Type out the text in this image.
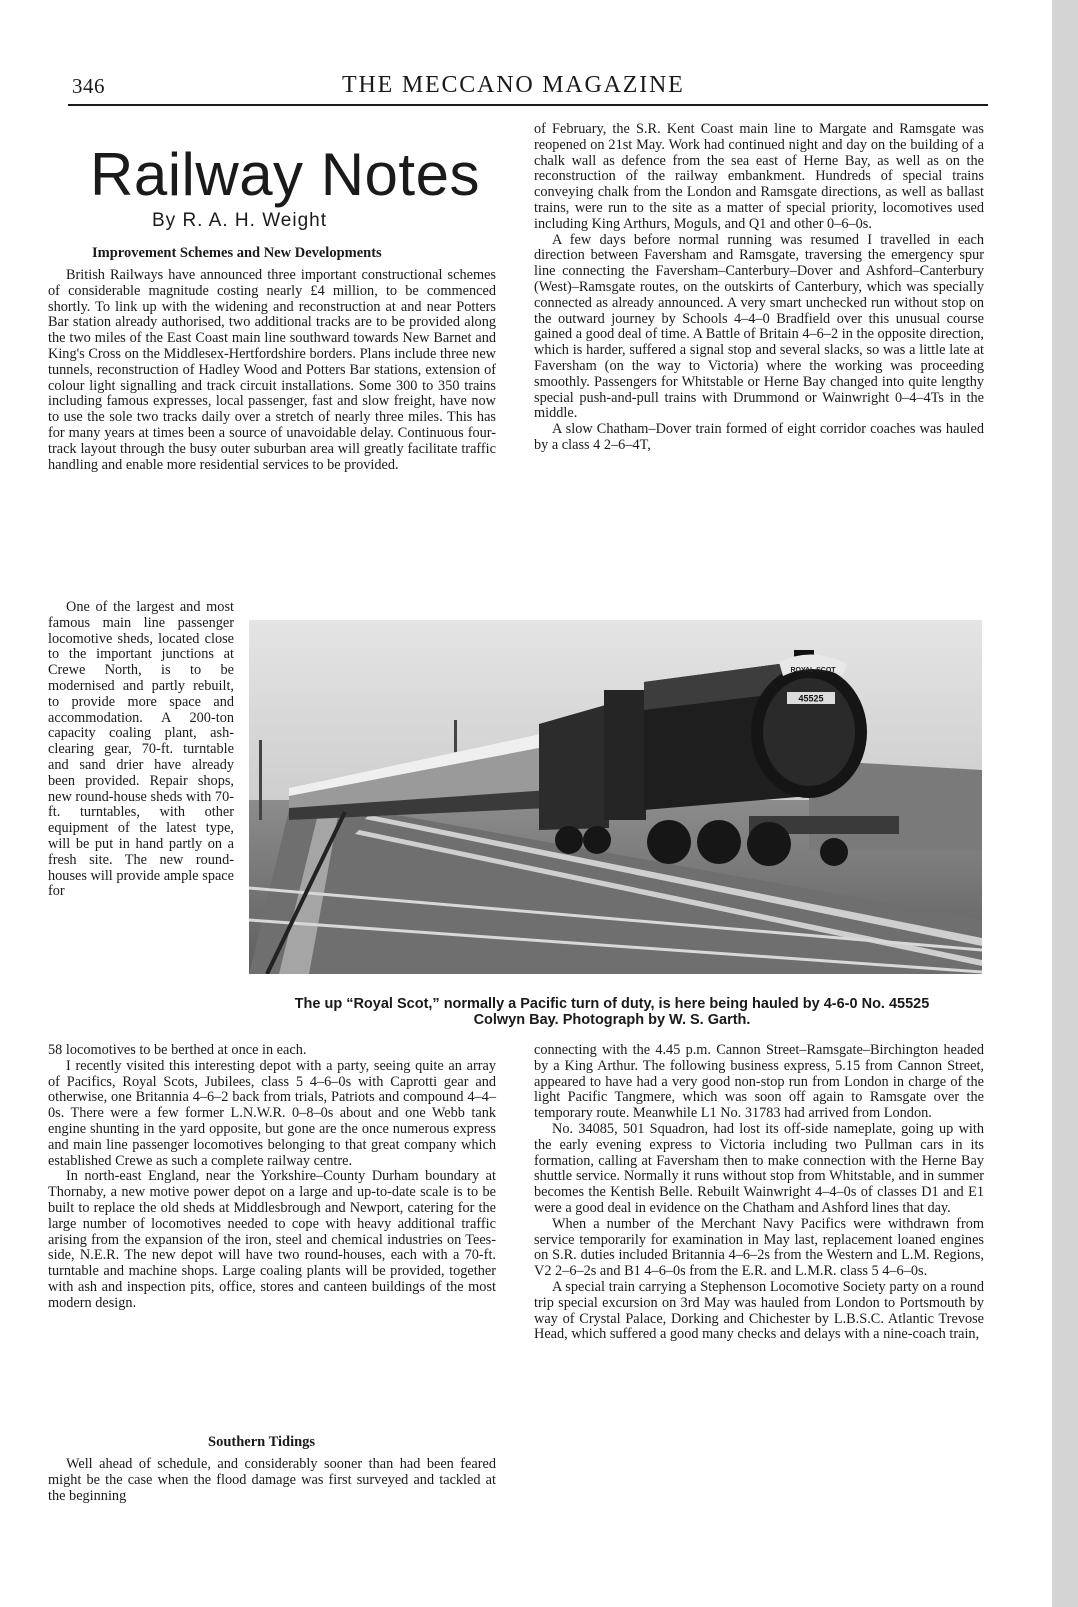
346	THE MECCANO MAGAZINE
Railway Notes
By R. A. H. Weight
Improvement Schemes and New Developments

British Railways have announced three important constructional schemes of considerable magnitude costing nearly £4 million, to be commenced shortly. To link up with the widening and reconstruction at and near Potters Bar station already authorised, two additional tracks are to be provided along the two miles of the East Coast main line southward towards New Barnet and King's Cross on the Middlesex-Hertfordshire borders. Plans include three new tunnels, reconstruction of Hadley Wood and Potters Bar stations, extension of colour light signalling and track circuit installations. Some 300 to 350 trains including famous expresses, local passenger, fast and slow freight, have now to use the sole two tracks daily over a stretch of nearly three miles. This has for many years at times been a source of unavoidable delay. Continuous four-track layout through the busy outer suburban area will greatly facilitate traffic handling and enable more residential services to be provided.

One of the largest and most famous main line passenger locomotive sheds, located close to the important junctions at Crewe North, is to be modernised and partly rebuilt, to provide more space and accommodation. A 200-ton capacity coaling plant, ash-clearing gear, 70-ft. turntable and sand drier have already been provided. Repair shops, new round-house sheds with 70-ft. turntables, with other equipment of the latest type, will be put in hand partly on a fresh site. The new round-houses will provide ample space for

ROYAL SCOT
45525
The up “Royal Scot,” normally a Pacific turn of duty, is here being hauled by 4-6-0 No. 45525
Colwyn Bay. Photograph by W. S. Garth.

58 locomotives to be berthed at once in each.

I recently visited this interesting depot with a party, seeing quite an array of Pacifics, Royal Scots, Jubilees, class 5 4–6–0s with Caprotti gear and otherwise, one Britannia 4–6–2 back from trials, Patriots and compound 4–4–0s. There were a few former L.N.W.R. 0–8–0s about and one Webb tank engine shunting in the yard opposite, but gone are the once numerous express and main line passenger locomotives belonging to that great company which established Crewe as such a complete railway centre.

In north-east England, near the Yorkshire–County Durham boundary at Thornaby, a new motive power depot on a large and up-to-date scale is to be built to replace the old sheds at Middlesbrough and Newport, catering for the large number of locomotives needed to cope with heavy additional traffic arising from the expansion of the iron, steel and chemical industries on Tees-side, N.E.R. The new depot will have two round-houses, each with a 70-ft. turntable and machine shops. Large coaling plants will be provided, together with ash and inspection pits, office, stores and canteen buildings of the most modern design.

Southern Tidings

Well ahead of schedule, and considerably sooner than had been feared might be the case when the flood damage was first surveyed and tackled at the beginning

of February, the S.R. Kent Coast main line to Margate and Ramsgate was reopened on 21st May. Work had continued night and day on the building of a chalk wall as defence from the sea east of Herne Bay, as well as on the reconstruction of the railway embankment. Hundreds of special trains conveying chalk from the London and Ramsgate directions, as well as ballast trains, were run to the site as a matter of special priority, locomotives used including King Arthurs, Moguls, and Q1 and other 0–6–0s.

A few days before normal running was resumed I travelled in each direction between Faversham and Ramsgate, traversing the emergency spur line connecting the Faversham–Canterbury–Dover and Ashford–Canterbury (West)–Ramsgate routes, on the outskirts of Canterbury, which was specially connected as already announced. A very smart unchecked run without stop on the outward journey by Schools 4–4–0 Bradfield over this unusual course gained a good deal of time. A Battle of Britain 4–6–2 in the opposite direction, which is harder, suffered a signal stop and several slacks, so was a little late at Faversham (on the way to Victoria) where the working was proceeding smoothly. Passengers for Whitstable or Herne Bay changed into quite lengthy special push-and-pull trains with Drummond or Wainwright 0–4–4Ts in the middle.

A slow Chatham–Dover train formed of eight corridor coaches was hauled by a class 4 2–6–4T,

connecting with the 4.45 p.m. Cannon Street–Ramsgate–Birchington headed by a King Arthur. The following business express, 5.15 from Cannon Street, appeared to have had a very good non-stop run from London in charge of the light Pacific Tangmere, which was soon off again to Ramsgate over the temporary route. Meanwhile L1 No. 31783 had arrived from London.

No. 34085, 501 Squadron, had lost its off-side nameplate, going up with the early evening express to Victoria including two Pullman cars in its formation, calling at Faversham then to make connection with the Herne Bay shuttle service. Normally it runs without stop from Whitstable, and in summer becomes the Kentish Belle. Rebuilt Wainwright 4–4–0s of classes D1 and E1 were a good deal in evidence on the Chatham and Ashford lines that day.

When a number of the Merchant Navy Pacifics were withdrawn from service temporarily for examination in May last, replacement loaned engines on S.R. duties included Britannia 4–6–2s from the Western and L.M. Regions, V2 2–6–2s and B1 4–6–0s from the E.R. and L.M.R. class 5 4–6–0s.

A special train carrying a Stephenson Locomotive Society party on a round trip special excursion on 3rd May was hauled from London to Portsmouth by way of Crystal Palace, Dorking and Chichester by L.B.S.C. Atlantic Trevose Head, which suffered a good many checks and delays with a nine-coach train,
